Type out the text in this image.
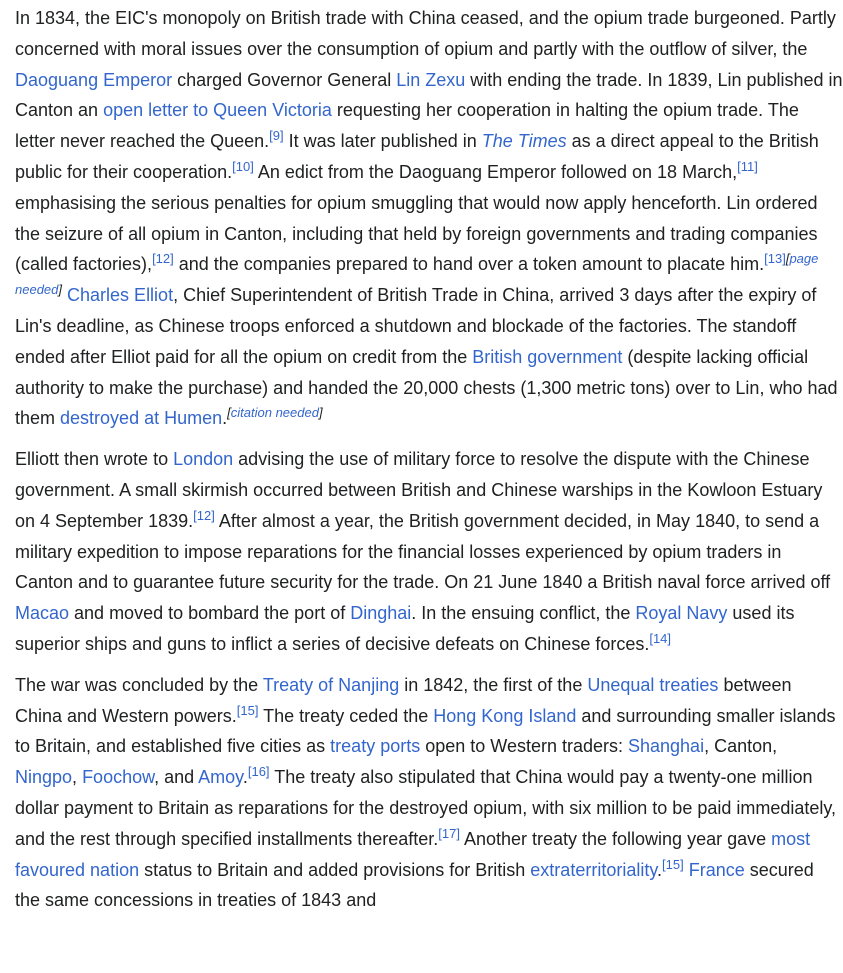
In 1834, the EIC's monopoly on British trade with China ceased, and the opium trade burgeoned. Partly concerned with moral issues over the consumption of opium and partly with the outflow of silver, the Daoguang Emperor charged Governor General Lin Zexu with ending the trade. In 1839, Lin published in Canton an open letter to Queen Victoria requesting her cooperation in halting the opium trade. The letter never reached the Queen.[9] It was later published in The Times as a direct appeal to the British public for their cooperation.[10] An edict from the Daoguang Emperor followed on 18 March,[11] emphasising the serious penalties for opium smuggling that would now apply henceforth. Lin ordered the seizure of all opium in Canton, including that held by foreign governments and trading companies (called factories),[12] and the companies prepared to hand over a token amount to placate him.[13][page needed] Charles Elliot, Chief Superintendent of British Trade in China, arrived 3 days after the expiry of Lin's deadline, as Chinese troops enforced a shutdown and blockade of the factories. The standoff ended after Elliot paid for all the opium on credit from the British government (despite lacking official authority to make the purchase) and handed the 20,000 chests (1,300 metric tons) over to Lin, who had them destroyed at Humen.[citation needed]

Elliott then wrote to London advising the use of military force to resolve the dispute with the Chinese government. A small skirmish occurred between British and Chinese warships in the Kowloon Estuary on 4 September 1839.[12] After almost a year, the British government decided, in May 1840, to send a military expedition to impose reparations for the financial losses experienced by opium traders in Canton and to guarantee future security for the trade. On 21 June 1840 a British naval force arrived off Macao and moved to bombard the port of Dinghai. In the ensuing conflict, the Royal Navy used its superior ships and guns to inflict a series of decisive defeats on Chinese forces.[14]

The war was concluded by the Treaty of Nanjing in 1842, the first of the Unequal treaties between China and Western powers.[15] The treaty ceded the Hong Kong Island and surrounding smaller islands to Britain, and established five cities as treaty ports open to Western traders: Shanghai, Canton, Ningpo, Foochow, and Amoy.[16] The treaty also stipulated that China would pay a twenty-one million dollar payment to Britain as reparations for the destroyed opium, with six million to be paid immediately, and the rest through specified installments thereafter.[17] Another treaty the following year gave most favoured nation status to Britain and added provisions for British extraterritoriality.[15] France secured the same concessions in treaties of 1843 and
